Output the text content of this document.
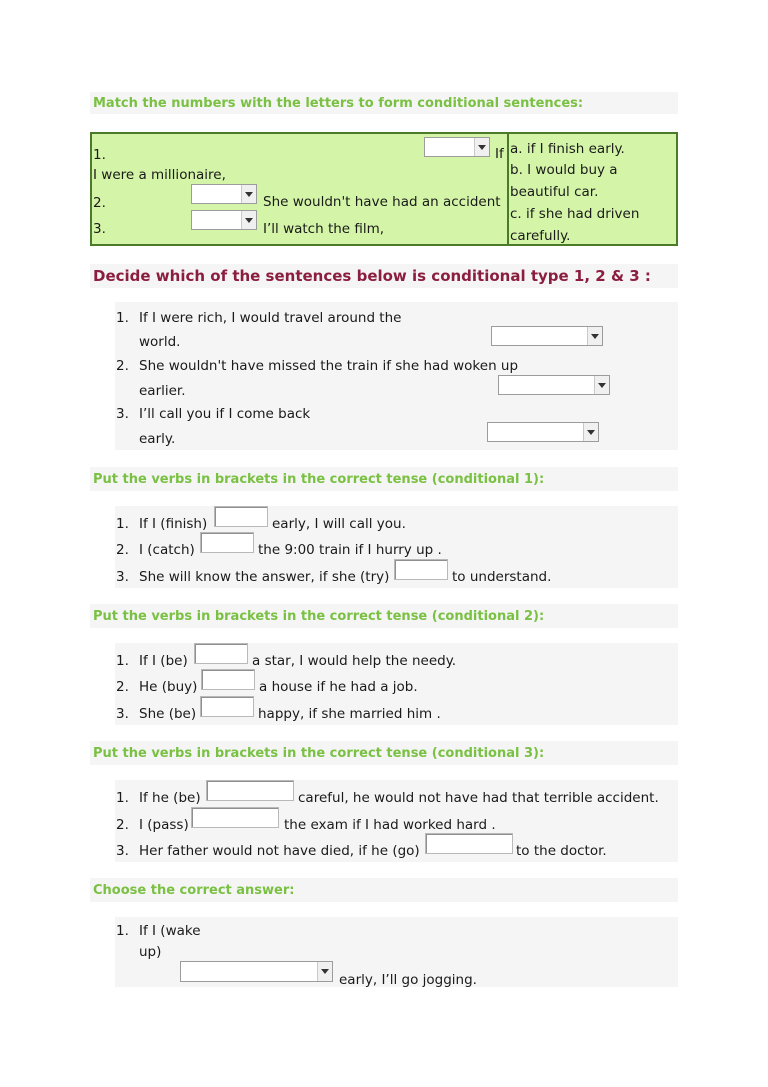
Match the numbers with the letters to form conditional sentences:
1.	If
I were a millionaire,
2.	She wouldn't have had an accident
3.	I’ll watch the film,
a. if I finish early.
b. I would buy a
beautiful car.
c. if she had driven
carefully.
Decide which of the sentences below is conditional type 1, 2 & 3 :
1. If I were rich, I would travel around the
world.
2. She wouldn't have missed the train if she had woken up
earlier.
3. I’ll call you if I come back
early.
Put the verbs in brackets in the correct tense (conditional 1):
1. If I (finish)	early, I will call you.
2. I (catch)	the 9:00 train if I hurry up .
3. She will know the answer, if she (try)	to understand.
Put the verbs in brackets in the correct tense (conditional 2):
1. If I (be)	a star, I would help the needy.
2. He (buy)	a house if he had a job.
3. She (be)	happy, if she married him .
Put the verbs in brackets in the correct tense (conditional 3):
1. If he (be)	careful, he would not have had that terrible accident.
2. I (pass)	the exam if I had worked hard .
3. Her father would not have died, if he (go)	to the doctor.
Choose the correct answer:
1. If I (wake
up)
early, I’ll go jogging.
